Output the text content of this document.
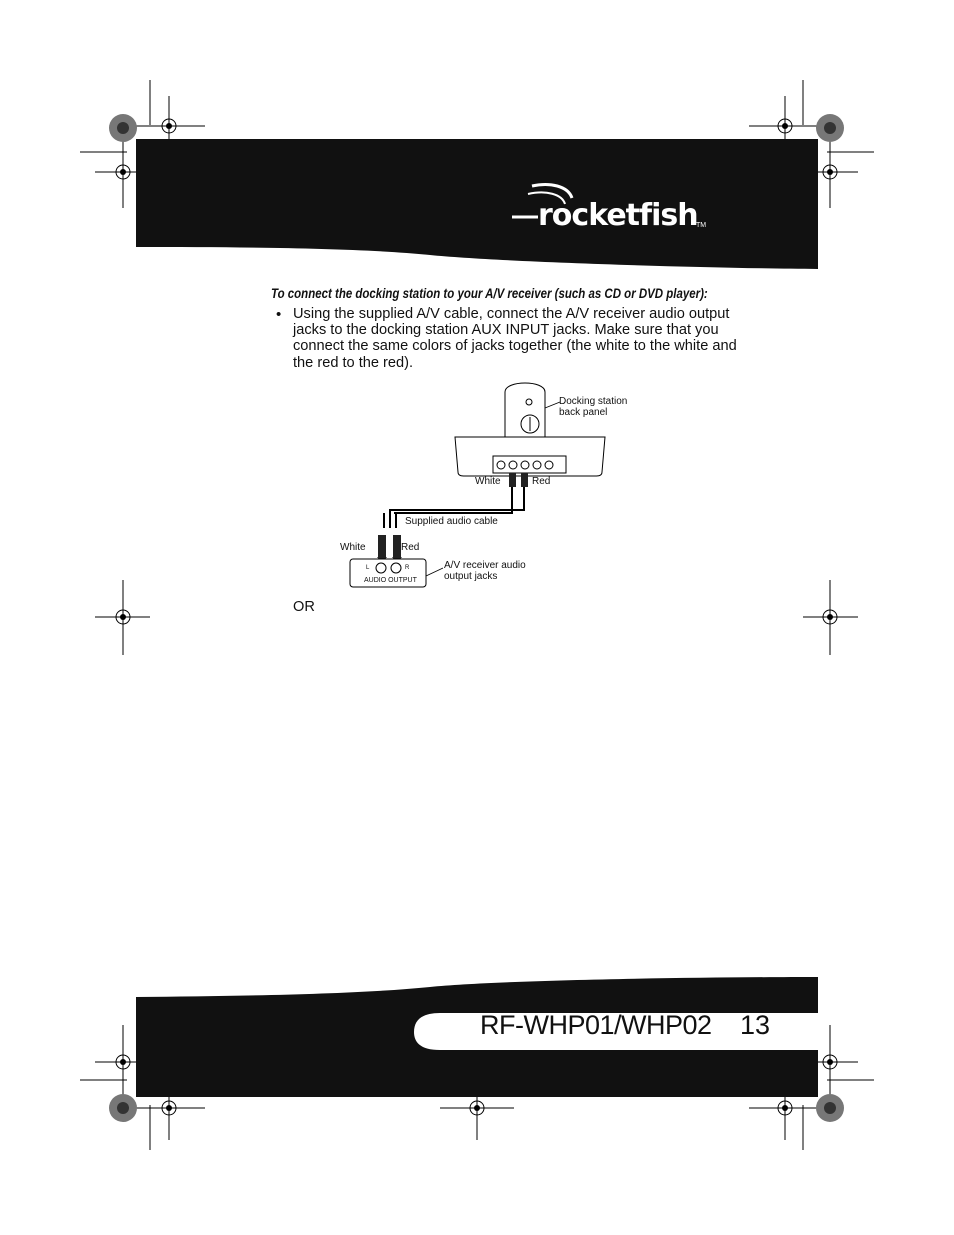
rocketfish
TM
To connect the docking station to your A/V receiver (such as CD or DVD player):
• Using the supplied A/V cable, connect the A/V receiver audio output jacks to the docking station AUX INPUT jacks. Make sure that you connect the same colors of jacks together (the white to the white and the red to the red).
Docking station
back panel
White	Red
Supplied audio cable
White	Red
A/V receiver audio
output jacks
L	R
AUDIO OUTPUT
OR
RF-WHP01/WHP02 13
